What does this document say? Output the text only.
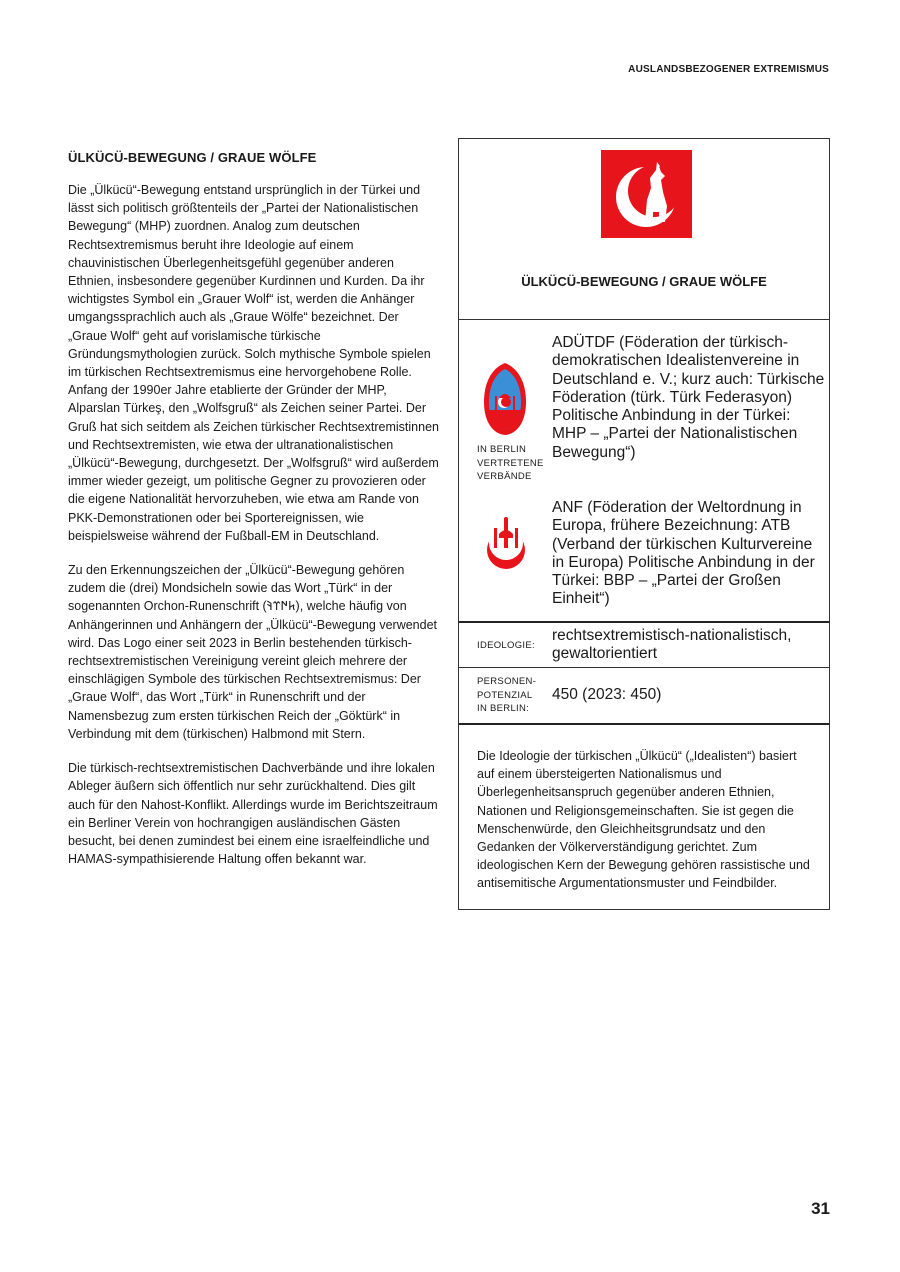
AUSLANDSBEZOGENER EXTREMISMUS
ÜLKÜCÜ-BEWEGUNG / GRAUE WÖLFE

Die „Ülkücü“-Bewegung entstand ursprünglich in der Türkei und lässt sich politisch größtenteils der „Partei der Nationalistischen Bewegung“ (MHP) zuordnen. Analog zum deutschen Rechtsextremismus beruht ihre Ideologie auf einem chauvinistischen Überlegenheitsgefühl gegenüber anderen Ethnien, insbesondere gegenüber Kurdinnen und Kurden. Da ihr wichtigstes Symbol ein „Grauer Wolf“ ist, werden die Anhänger umgangssprachlich auch als „Graue Wölfe“ bezeichnet. Der „Graue Wolf“ geht auf vorislamische türkische Gründungsmythologien zurück. Solch mythische Symbole spielen im türkischen Rechtsextremismus eine hervorgehobene Rolle. Anfang der 1990er Jahre etablierte der Gründer der MHP, Alparslan Türkeş, den „Wolfsgruß“ als Zeichen seiner Partei. Der Gruß hat sich seitdem als Zeichen türkischer Rechtsextremistinnen und Rechtsextremisten, wie etwa der ultranationalistischen „Ülkücü“-Bewegung, durchgesetzt. Der „Wolfsgruß“ wird außerdem immer wieder gezeigt, um politische Gegner zu provozieren oder die eigene Nationalität hervorzuheben, wie etwa am Rande von PKK-Demonstrationen oder bei Sportereignissen, wie beispielsweise während der Fußball-EM in Deutschland.

Zu den Erkennungszeichen der „Ülkücü“-Bewegung gehören zudem die (drei) Mondsicheln sowie das Wort „Türk“ in der sogenannten Orchon-Runenschrift (𐱅𐰇𐰼𐰚), welche häufig von Anhängerinnen und Anhängern der „Ülkücü“-Bewegung verwendet wird. Das Logo einer seit 2023 in Berlin bestehenden türkisch-rechtsextremistischen Vereinigung vereint gleich mehrere der einschlägigen Symbole des türkischen Rechtsextremismus: Der „Graue Wolf“, das Wort „Türk“ in Runenschrift und der Namensbezug zum ersten türkischen Reich der „Göktürk“ in Verbindung mit dem (türkischen) Halbmond mit Stern.

Die türkisch-rechtsextremistischen Dachverbände und ihre lokalen Ableger äußern sich öffentlich nur sehr zurückhaltend. Dies gilt auch für den Nahost-Konflikt. Allerdings wurde im Berichtszeitraum ein Berliner Verein von hochrangigen ausländischen Gästen besucht, bei denen zumindest bei einem eine israelfeindliche und HAMAS-sympathisierende Haltung offen bekannt war.

ÜLKÜCÜ-BEWEGUNG / GRAUE WÖLFE
ADÜTDF (Föderation der türkisch-demokratischen Idealistenvereine in Deutschland e. V.; kurz auch: Türkische Föderation (türk. Türk Federasyon) Politische Anbindung in der Türkei: MHP – „Partei der Nationalistischen Bewegung“)
IN BERLIN
VERTRETENE
VERBÄNDE
ANF (Föderation der Weltordnung in Europa, frühere Bezeichnung: ATB (Verband der türkischen Kulturvereine in Europa) Politische Anbindung in der Türkei: BBP – „Partei der Großen Einheit“)
IDEOLOGIE:
rechtsextremistisch-nationalistisch, gewaltorientiert
PERSONEN-
POTENZIAL
IN BERLIN:
450 (2023: 450)
Die Ideologie der türkischen „Ülkücü“ („Idealisten“) basiert auf einem übersteigerten Nationalismus und Überlegenheitsanspruch gegenüber anderen Ethnien, Nationen und Religionsgemeinschaften. Sie ist gegen die Menschenwürde, den Gleichheitsgrundsatz und den Gedanken der Völkerverständigung gerichtet. Zum ideologischen Kern der Bewegung gehören rassistische und antisemitische Argumentationsmuster und Feindbilder.
31
